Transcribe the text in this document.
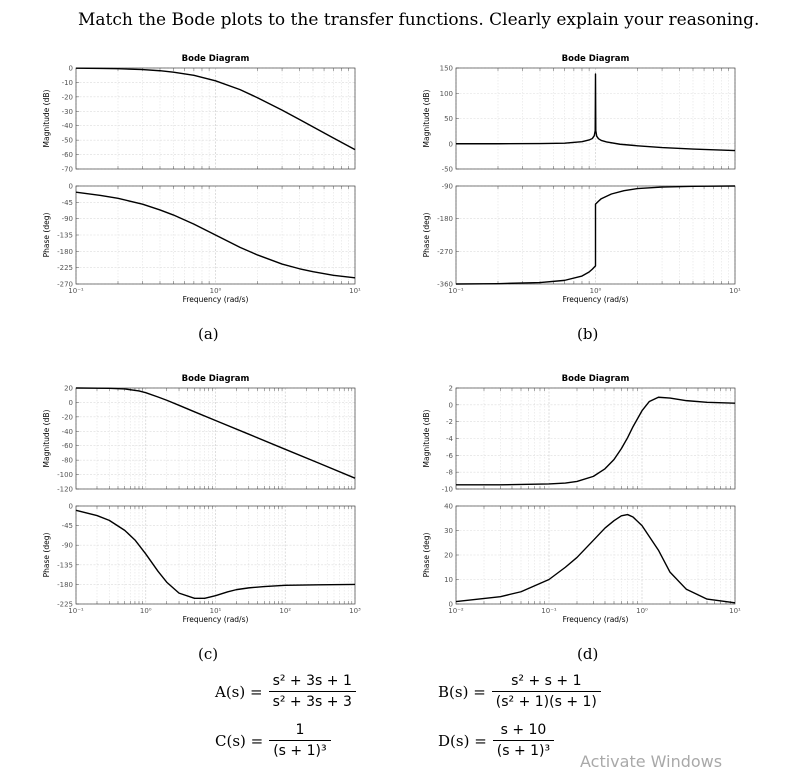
Match the Bode plots to the transfer functions. Clearly explain your reasoning.
Bode Diagram
0
-10
-20
-30
-40
-50
-60
-70
Magnitude (dB)
0
-45
-90
-135
-180
-225
-270
Phase (deg)
10⁻¹	10⁰	10¹
Frequency (rad/s)
Bode Diagram
150
100
50
0
-50
Magnitude (dB)
-90
-180
-270
-360
Phase (deg)
10⁻¹	10⁰	10¹
Frequency (rad/s)
Bode Diagram
20
0
-20
-40
-60
-80
-100
-120
Magnitude (dB)
0
-45
-90
-135
-180
-225
Phase (deg)
10⁻¹	10⁰	10¹	10²	10³
Frequency (rad/s)
Bode Diagram
2
0
-2
-4
-6
-8
-10
Magnitude (dB)
40
30
20
10
0
Phase (deg)
10⁻²	10⁻¹	10⁰	10¹
Frequency (rad/s)
(a)	(b)
(c)	(d)
$A(s) = \frac{\text{s² + 3s + 1}}{\text{s² + 3s + 3}}$	$B(s) = \frac{\text{s² + s + 1}}{\text{(s² + 1)(s + 1)}}$
$C(s) = \frac{1}{\text{(s + 1)³}}$	$D(s) = \frac{s + 10}{\text{(s + 1)³}}$
Activate Windows
